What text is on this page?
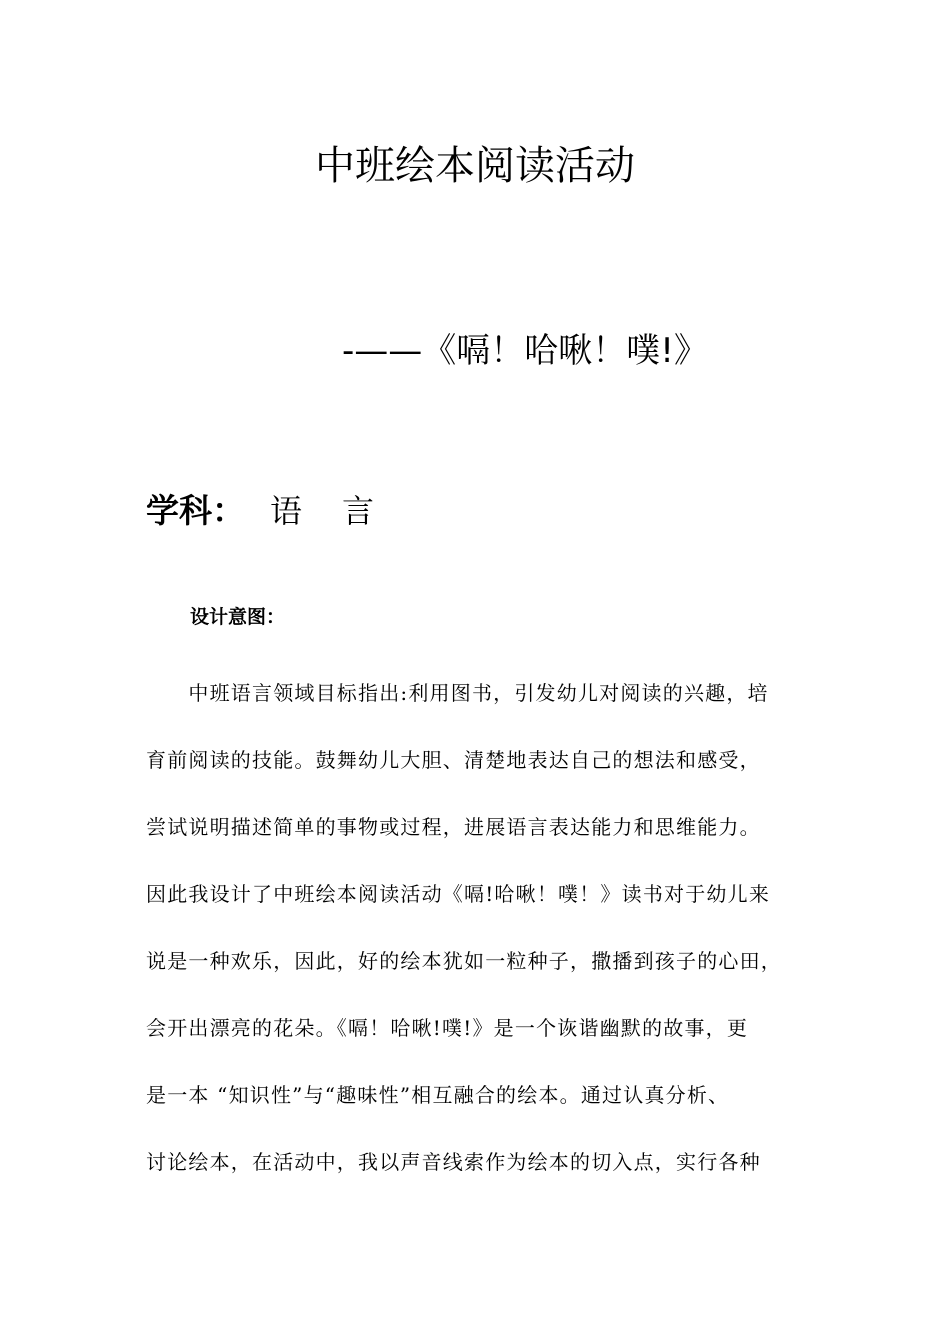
中班绘本阅读活动
-——《嗝！哈啾！噗!》
学科： 语言
设计意图：
　　中班语言领域目标指出:利用图书，引发幼儿对阅读的兴趣，培
育前阅读的技能。鼓舞幼儿大胆、清楚地表达自己的想法和感受，
尝试说明描述简单的事物或过程，进展语言表达能力和思维能力。
因此我设计了中班绘本阅读活动《嗝!哈啾！噗！》读书对于幼儿来
说是一种欢乐，因此，好的绘本犹如一粒种子，撒播到孩子的心田，
会开出漂亮的花朵。《嗝！哈啾!噗!》是一个诙谐幽默的故事，更
是一本 “知识性”与“趣味性”相互融合的绘本。通过认真分析、
讨论绘本，在活动中，我以声音线索作为绘本的切入点，实行各种
